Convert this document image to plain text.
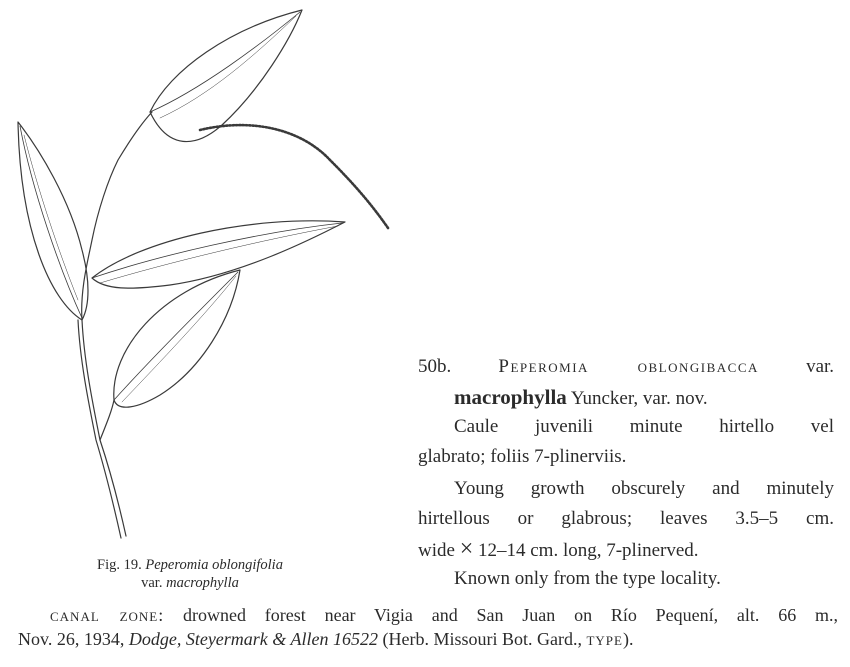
Fig. 19. Peperomia oblongifolia
var. macrophylla
50b. Peperomia oblongibacca var.
macrophylla Yuncker, var. nov.
Caule juvenili minute hirtello vel
glabrato; foliis 7-plinerviis.
Young growth obscurely and minutely
hirtellous or glabrous; leaves 3.5–5 cm.
wide × 12–14 cm. long, 7-plinerved.
Known only from the type locality.
canal zone: drowned forest near Vigia and San Juan on Río Pequení, alt. 66 m.,
Nov. 26, 1934, Dodge, Steyermark & Allen 16522 (Herb. Missouri Bot. Gard., type).
